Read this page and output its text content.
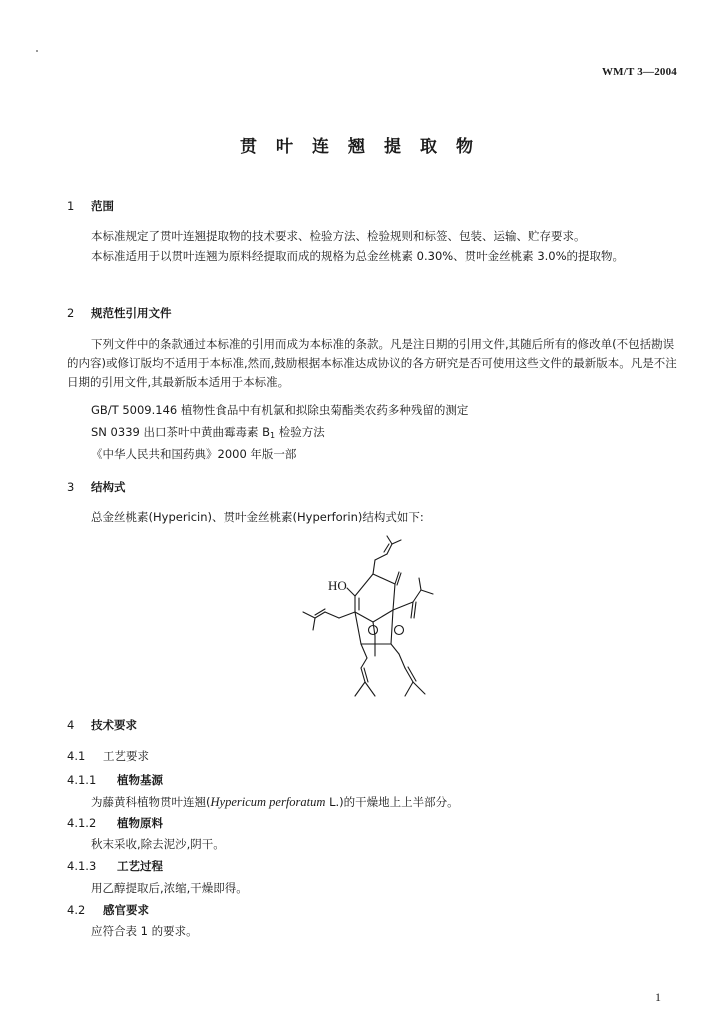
WM/T 3—2004
贯叶连翘提取物
1 范围
本标准规定了贯叶连翘提取物的技术要求、检验方法、检验规则和标签、包装、运输、贮存要求。
本标准适用于以贯叶连翘为原料经提取而成的规格为总金丝桃素 0.30%、贯叶金丝桃素 3.0%的提取物。
2 规范性引用文件
下列文件中的条款通过本标准的引用而成为本标准的条款。凡是注日期的引用文件,其随后所有的修改单(不包括勘误的内容)或修订版均不适用于本标准,然而,鼓励根据本标准达成协议的各方研究是否可使用这些文件的最新版本。凡是不注日期的引用文件,其最新版本适用于本标准。
GB/T 5009.146 植物性食品中有机氯和拟除虫菊酯类农药多种残留的测定
SN 0339 出口茶叶中黄曲霉毒素 $B_1$ 检验方法
《中华人民共和国药典》2000 年版一部
3 结构式
总金丝桃素(Hypericin)、贯叶金丝桃素(Hyperforin)结构式如下:
HO
4 技术要求
4.1 工艺要求
4.1.1 植物基源
为藤黄科植物贯叶连翘(Hypericum perforatum L.)的干燥地上上半部分。
4.1.2 植物原料
秋末采收,除去泥沙,阴干。
4.1.3 工艺过程
用乙醇提取后,浓缩,干燥即得。
4.2 感官要求
应符合表 1 的要求。
1
